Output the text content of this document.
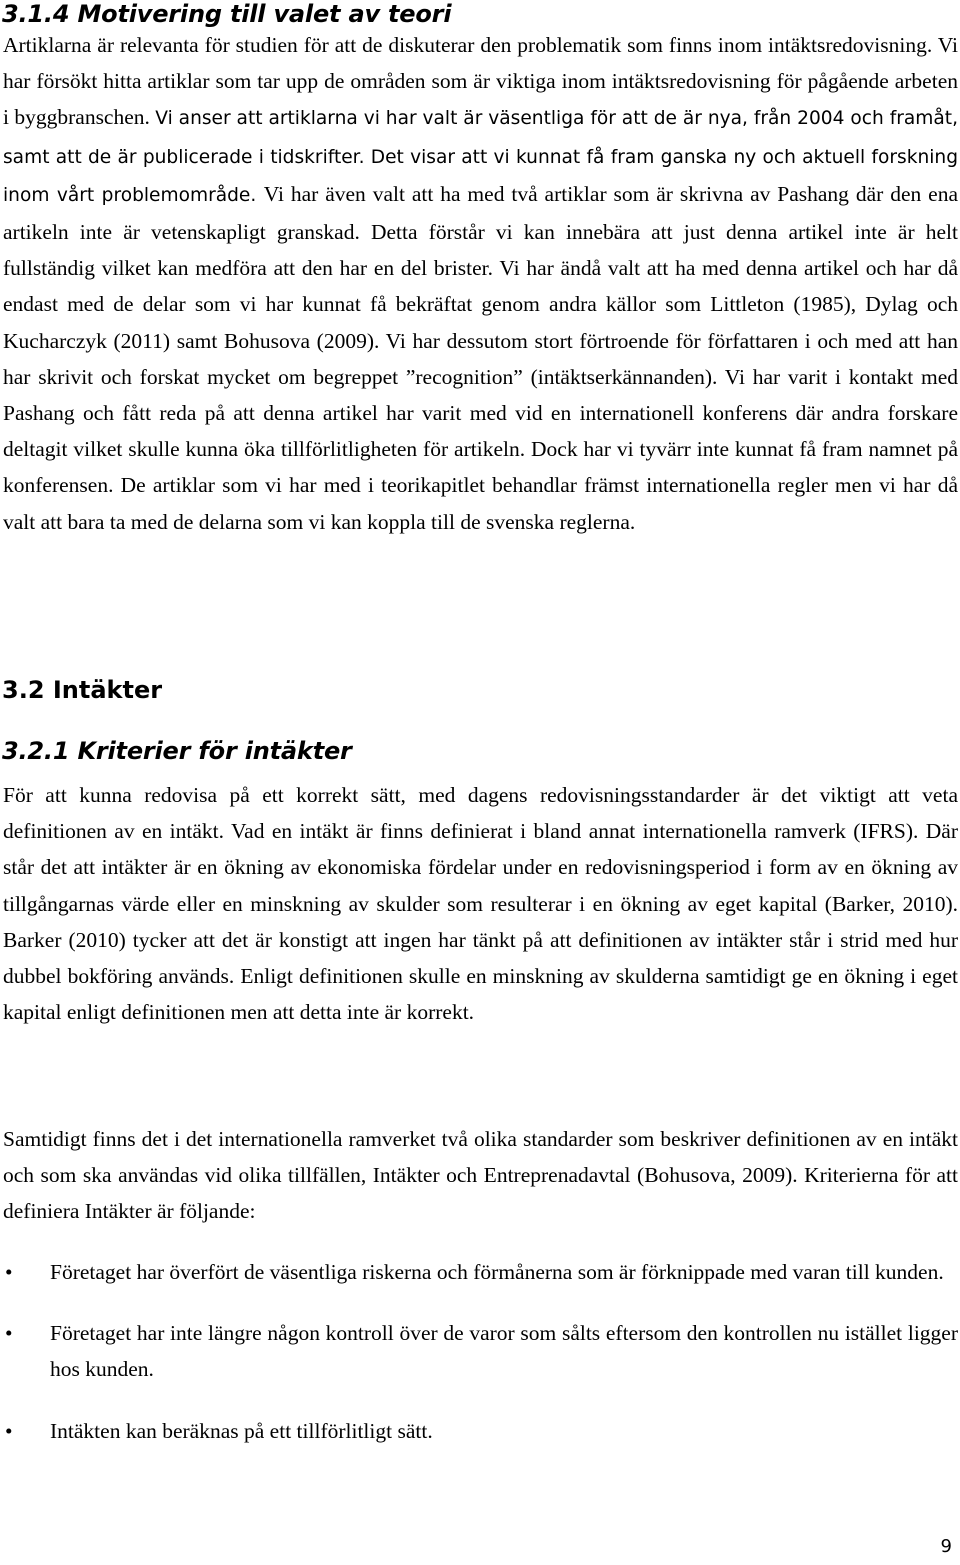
3.1.4 Motivering till valet av teori

Artiklarna är relevanta för studien för att de diskuterar den problematik som finns inom intäktsredovisning. Vi har försökt hitta artiklar som tar upp de områden som är viktiga inom intäktsredovisning för pågående arbeten i byggbranschen. Vi anser att artiklarna vi har valt är väsentliga för att de är nya, från 2004 och framåt, samt att de är publicerade i tidskrifter. Det visar att vi kunnat få fram ganska ny och aktuell forskning inom vårt problemområde. Vi har även valt att ha med två artiklar som är skrivna av Pashang där den ena artikeln inte är vetenskapligt granskad. Detta förstår vi kan innebära att just denna artikel inte är helt fullständig vilket kan medföra att den har en del brister. Vi har ändå valt att ha med denna artikel och har då endast med de delar som vi har kunnat få bekräftat genom andra källor som Littleton (1985), Dylag och Kucharczyk (2011) samt Bohusova (2009). Vi har dessutom stort förtroende för författaren i och med att han har skrivit och forskat mycket om begreppet ”recognition” (intäktserkännanden). Vi har varit i kontakt med Pashang och fått reda på att denna artikel har varit med vid en internationell konferens där andra forskare deltagit vilket skulle kunna öka tillförlitligheten för artikeln. Dock har vi tyvärr inte kunnat få fram namnet på konferensen. De artiklar som vi har med i teorikapitlet behandlar främst internationella regler men vi har då valt att bara ta med de delarna som vi kan koppla till de svenska reglerna.

3.2 Intäkter
3.2.1 Kriterier för intäkter

För att kunna redovisa på ett korrekt sätt, med dagens redovisningsstandarder är det viktigt att veta definitionen av en intäkt. Vad en intäkt är finns definierat i bland annat internationella ramverk (IFRS). Där står det att intäkter är en ökning av ekonomiska fördelar under en redovisningsperiod i form av en ökning av tillgångarnas värde eller en minskning av skulder som resulterar i en ökning av eget kapital (Barker, 2010). Barker (2010) tycker att det är konstigt att ingen har tänkt på att definitionen av intäkter står i strid med hur dubbel bokföring används. Enligt definitionen skulle en minskning av skulderna samtidigt ge en ökning i eget kapital enligt definitionen men att detta inte är korrekt.

Samtidigt finns det i det internationella ramverket två olika standarder som beskriver definitionen av en intäkt och som ska användas vid olika tillfällen, Intäkter och Entreprenadavtal (Bohusova, 2009). Kriterierna för att definiera Intäkter är följande:

• Företaget har överfört de väsentliga riskerna och förmånerna som är förknippade med varan till kunden.
• Företaget har inte längre någon kontroll över de varor som sålts eftersom den kontrollen nu istället ligger hos kunden.
• Intäkten kan beräknas på ett tillförlitligt sätt.
9
